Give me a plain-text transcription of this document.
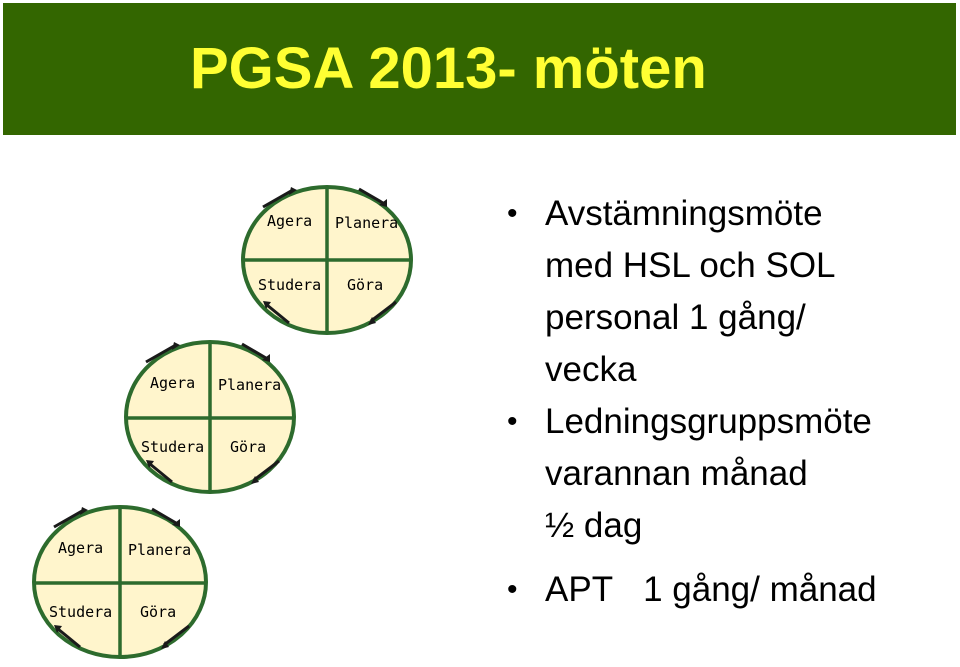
PGSA 2013- möten
Agera Planera
Studera Göra
Agera Planera
Studera Göra
Agera Planera
Studera Göra
• Avstämningsmöte
med HSL och SOL
personal 1 gång/
vecka
• Ledningsgruppsmöte
varannan månad
½ dag
• APT 1 gång/ månad
